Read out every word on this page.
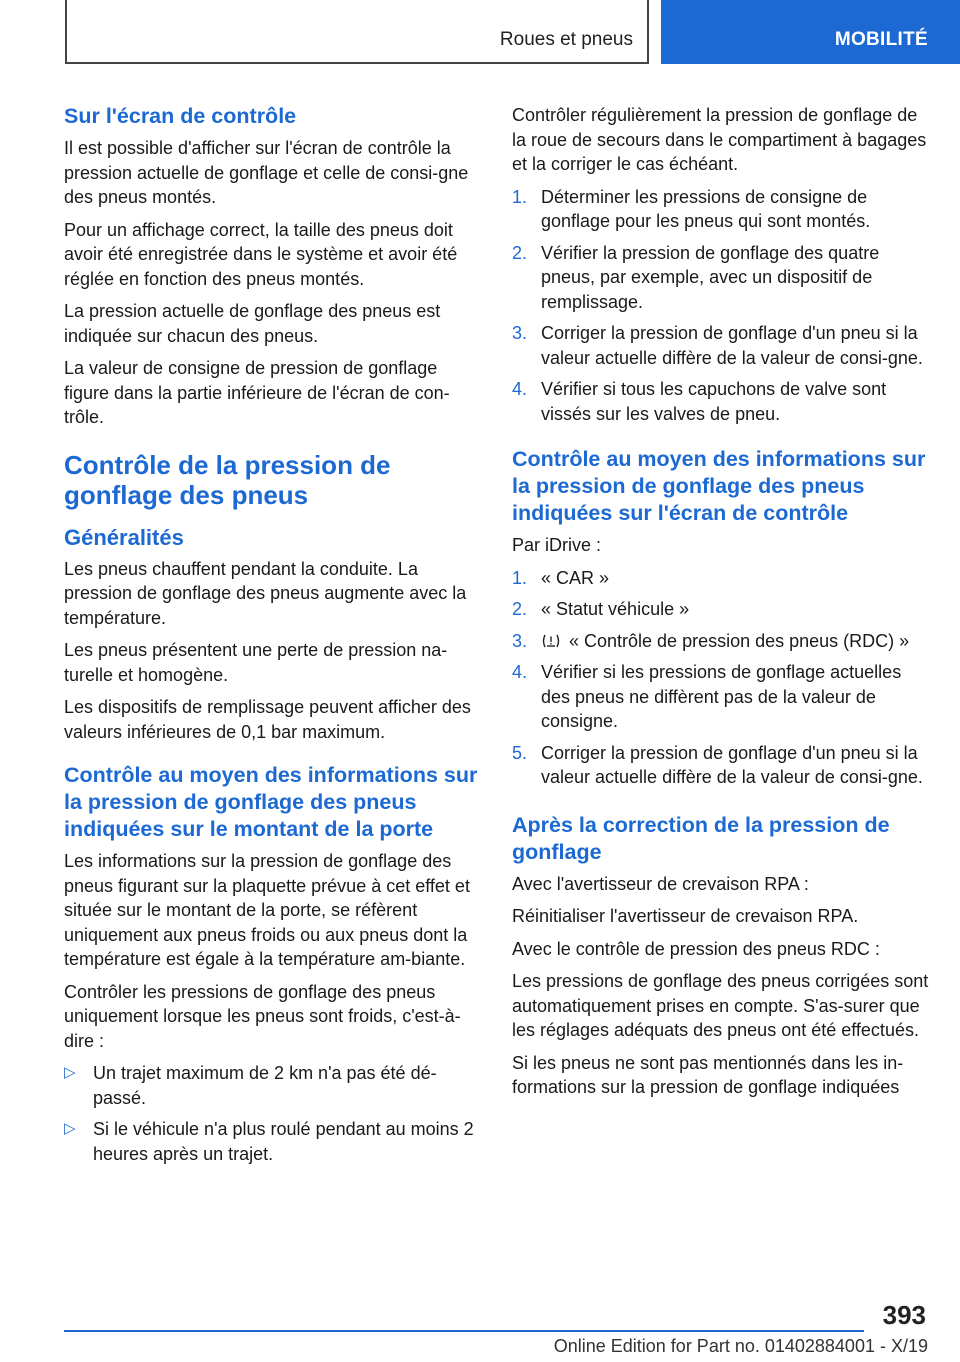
Roues et pneus	MOBILITÉ
Sur l'écran de contrôle

Il est possible d'afficher sur l'écran de contrôle la pression actuelle de gonflage et celle de consi-gne des pneus montés.

Pour un affichage correct, la taille des pneus doit avoir été enregistrée dans le système et avoir été réglée en fonction des pneus montés.

La pression actuelle de gonflage des pneus est indiquée sur chacun des pneus.

La valeur de consigne de pression de gonflage figure dans la partie inférieure de l'écran de con-trôle.

Contrôle de la pression de gonflage des pneus
Généralités

Les pneus chauffent pendant la conduite. La pression de gonflage des pneus augmente avec la température.

Les pneus présentent une perte de pression na-turelle et homogène.

Les dispositifs de remplissage peuvent afficher des valeurs inférieures de 0,1 bar maximum.

Contrôle au moyen des informations sur la pression de gonflage des pneus indiquées sur le montant de la porte

Les informations sur la pression de gonflage des pneus figurant sur la plaquette prévue à cet effet et située sur le montant de la porte, se réfèrent uniquement aux pneus froids ou aux pneus dont la température est égale à la température am-biante.

Contrôler les pressions de gonflage des pneus uniquement lorsque les pneus sont froids, c'est-à-dire :

▷ Un trajet maximum de 2 km n'a pas été dé-passé.
▷ Si le véhicule n'a plus roulé pendant au moins 2 heures après un trajet.

Contrôler régulièrement la pression de gonflage de la roue de secours dans le compartiment à bagages et la corriger le cas échéant.

1. Déterminer les pressions de consigne de gonflage pour les pneus qui sont montés.
2. Vérifier la pression de gonflage des quatre pneus, par exemple, avec un dispositif de remplissage.
3. Corriger la pression de gonflage d'un pneu si la valeur actuelle diffère de la valeur de consi-gne.
4. Vérifier si tous les capuchons de valve sont vissés sur les valves de pneu.
Contrôle au moyen des informations sur la pression de gonflage des pneus indiquées sur l'écran de contrôle

Par iDrive :

1. « CAR »
2. « Statut véhicule »
3. « Contrôle de pression des pneus (RDC) »
4. Vérifier si les pressions de gonflage actuelles des pneus ne diffèrent pas de la valeur de consigne.
5. Corriger la pression de gonflage d'un pneu si la valeur actuelle diffère de la valeur de consi-gne.
Après la correction de la pression de gonflage

Avec l'avertisseur de crevaison RPA :

Réinitialiser l'avertisseur de crevaison RPA.

Avec le contrôle de pression des pneus RDC :

Les pressions de gonflage des pneus corrigées sont automatiquement prises en compte. S'as-surer que les réglages adéquats des pneus ont été effectués.

Si les pneus ne sont pas mentionnés dans les in-formations sur la pression de gonflage indiquées

393
Online Edition for Part no. 01402884001 - X/19
